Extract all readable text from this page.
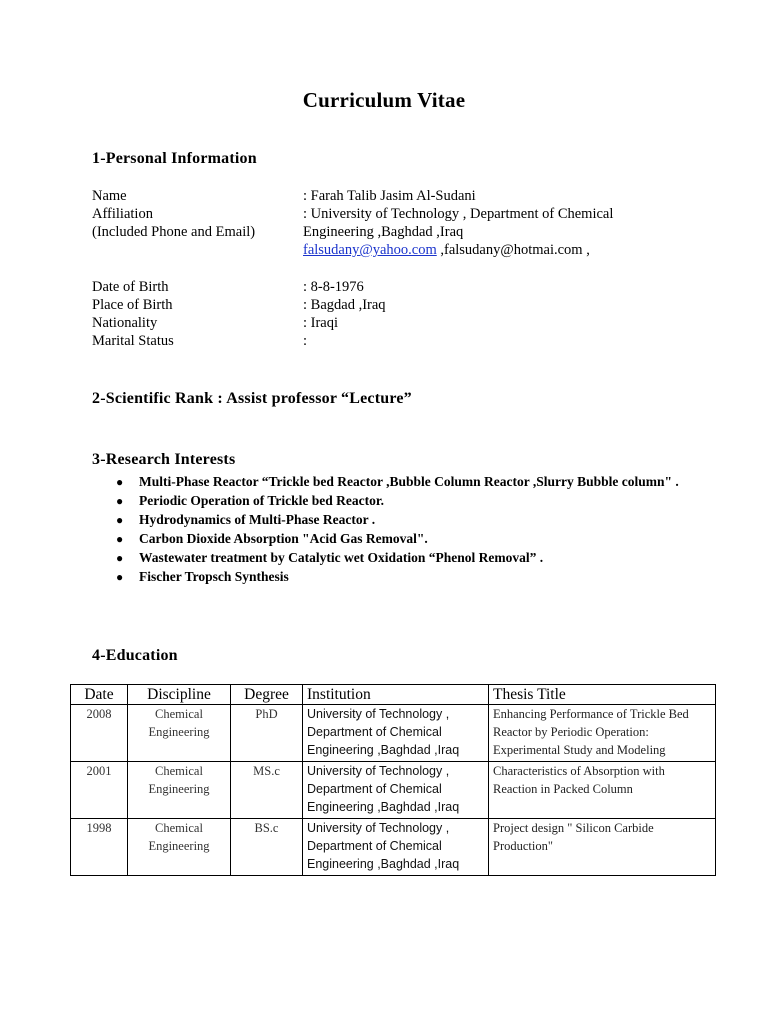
Curriculum Vitae
1-Personal Information
Name	: Farah Talib Jasim Al-Sudani
Affiliation	: University of Technology , Department of Chemical
(Included Phone and Email)	Engineering ,Baghdad ,Iraq
falsudany@yahoo.com ,falsudany@hotmai.com ,
Date of Birth	: 8-8-1976
Place of Birth	: Bagdad ,Iraq
Nationality	: Iraqi
Marital Status	:
2-Scientific Rank : Assist professor “Lecture”
3-Research Interests
● Multi-Phase Reactor “Trickle bed Reactor ,Bubble Column Reactor ,Slurry Bubble column" .
● Periodic Operation of Trickle bed Reactor.
● Hydrodynamics of Multi-Phase Reactor .
● Carbon Dioxide Absorption "Acid Gas Removal".
● Wastewater treatment by Catalytic wet Oxidation “Phenol Removal” .
● Fischer Tropsch Synthesis
4-Education
Date	Discipline	Degree	Institution	Thesis Title
2008	Chemical Engineering	PhD	University of Technology , Department of Chemical Engineering ,Baghdad ,Iraq	Enhancing Performance of Trickle Bed Reactor by Periodic Operation: Experimental Study and Modeling
2001	Chemical Engineering	MS.c	University of Technology , Department of Chemical Engineering ,Baghdad ,Iraq	Characteristics of Absorption with Reaction in Packed Column
1998	Chemical Engineering	BS.c	University of Technology , Department of Chemical Engineering ,Baghdad ,Iraq	Project design " Silicon Carbide Production"
